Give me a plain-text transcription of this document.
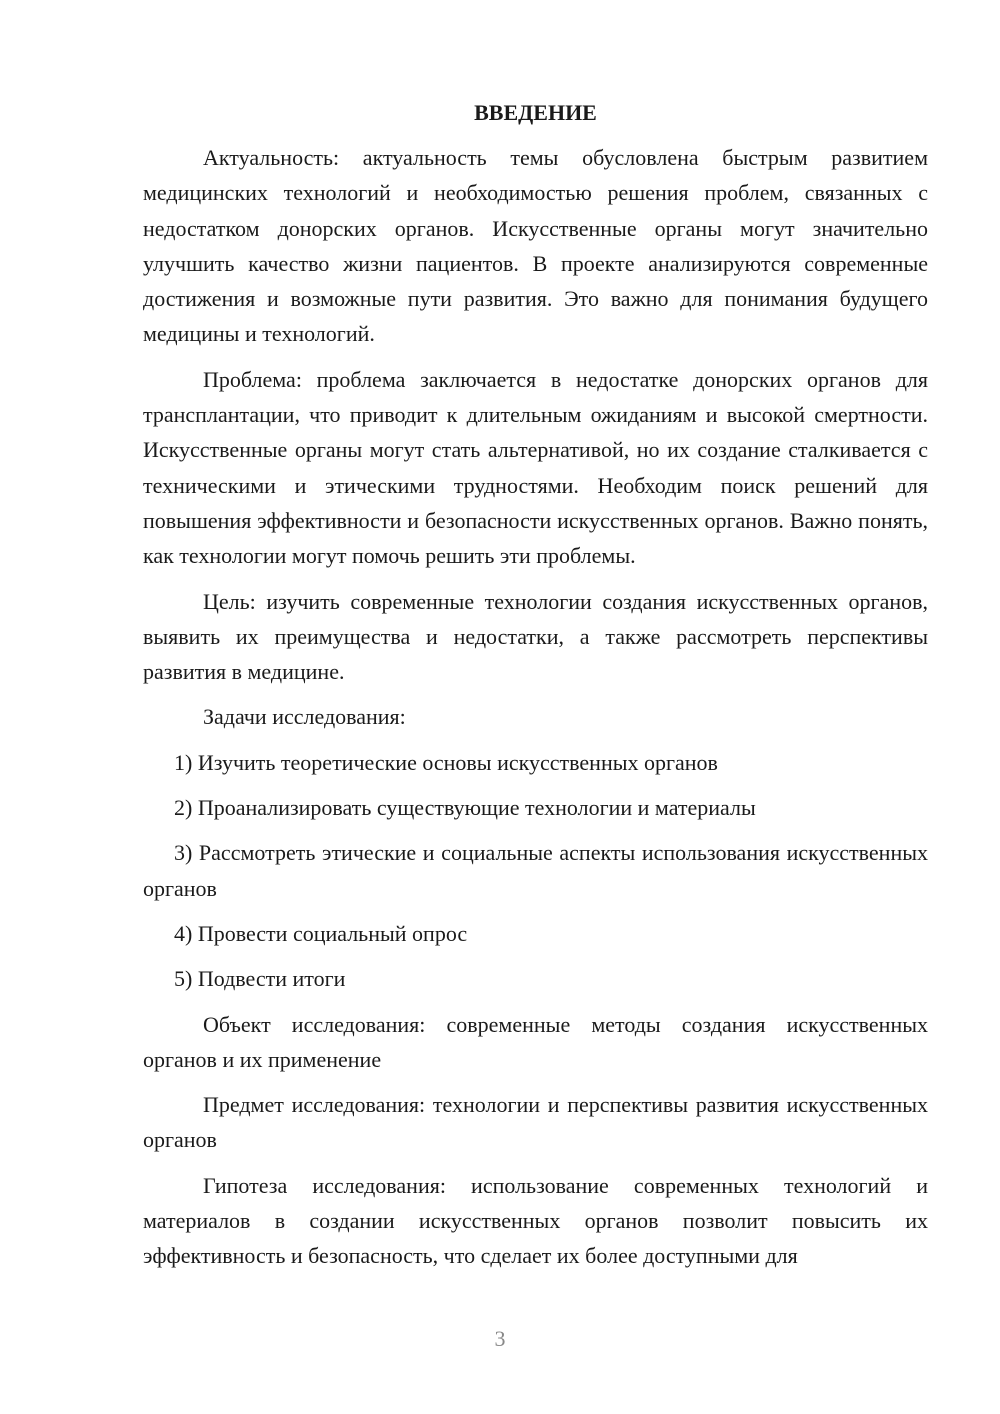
ВВЕДЕНИЕ

Актуальность: актуальность темы обусловлена быстрым развитием медицинских технологий и необходимостью решения проблем, связанных с недостатком донорских органов. Искусственные органы могут значительно улучшить качество жизни пациентов. В проекте анализируются современные достижения и возможные пути развития. Это важно для понимания будущего медицины и технологий.

Проблема: проблема заключается в недостатке донорских органов для трансплантации, что приводит к длительным ожиданиям и высокой смертности. Искусственные органы могут стать альтернативой, но их создание сталкивается с техническими и этическими трудностями. Необходим поиск решений для повышения эффективности и безопасности искусственных органов. Важно понять, как технологии могут помочь решить эти проблемы.

Цель: изучить современные технологии создания искусственных органов, выявить их преимущества и недостатки, а также рассмотреть перспективы развития в медицине.

Задачи исследования:

1) Изучить теоретические основы искусственных органов

2) Проанализировать существующие технологии и материалы

3) Рассмотреть этические и социальные аспекты использования искусственных органов

4) Провести социальный опрос

5) Подвести итоги

Объект исследования: современные методы создания искусственных органов и их применение

Предмет исследования: технологии и перспективы развития искусственных органов

Гипотеза исследования: использование современных технологий и материалов в создании искусственных органов позволит повысить их эффективность и безопасность, что сделает их более доступными для

3
